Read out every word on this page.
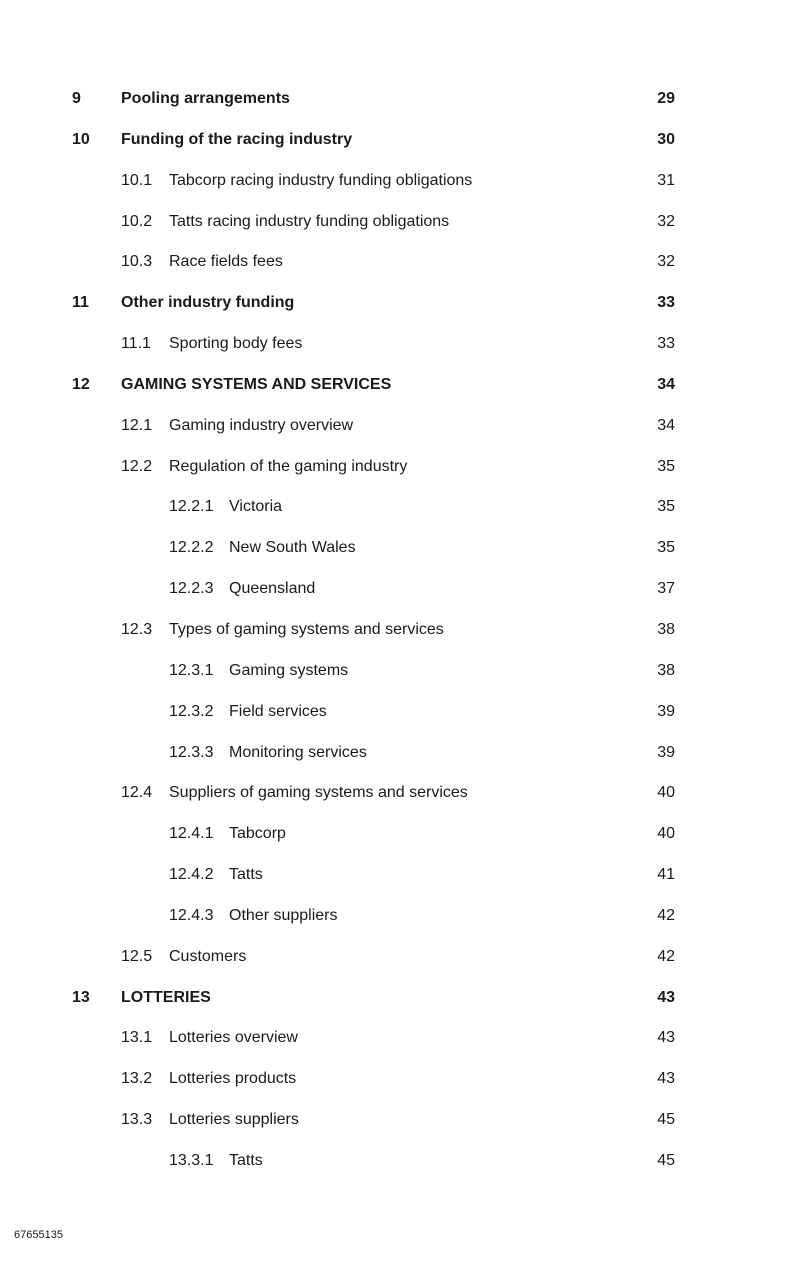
9	Pooling arrangements	29
10 Funding of the racing industry	30
10.1 Tabcorp racing industry funding obligations	31
10.2 Tatts racing industry funding obligations	32
10.3 Race fields fees	32
11 Other industry funding	33
11.1 Sporting body fees	33
12 GAMING SYSTEMS AND SERVICES	34
12.1 Gaming industry overview	34
12.2 Regulation of the gaming industry	35
12.2.1 Victoria	35
12.2.2 New South Wales	35
12.2.3 Queensland	37
12.3 Types of gaming systems and services	38
12.3.1 Gaming systems	38
12.3.2 Field services	39
12.3.3 Monitoring services	39
12.4 Suppliers of gaming systems and services	40
12.4.1 Tabcorp	40
12.4.2 Tatts	41
12.4.3 Other suppliers	42
12.5 Customers	42
13 LOTTERIES	43
13.1 Lotteries overview	43
13.2 Lotteries products	43
13.3 Lotteries suppliers	45
13.3.1 Tatts	45
67655135
